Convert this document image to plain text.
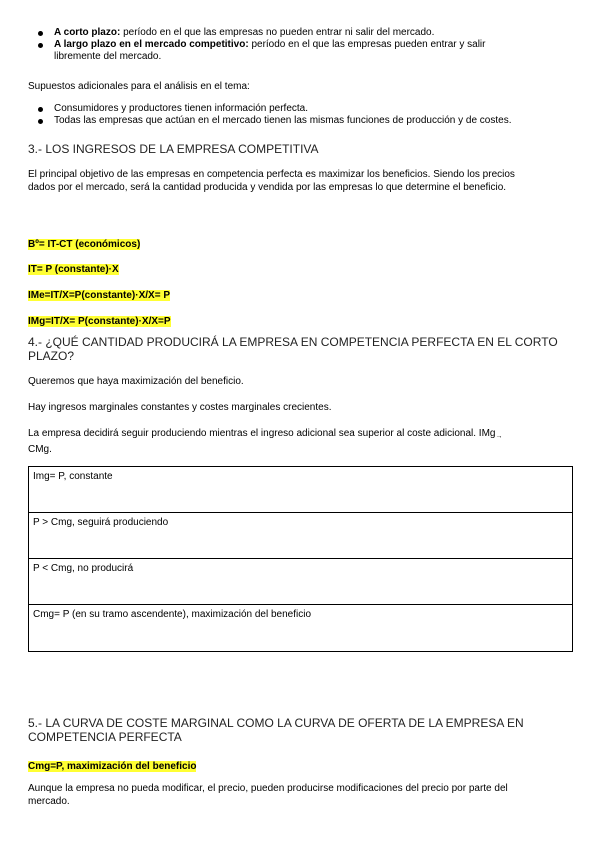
A corto plazo: período en el que las empresas no pueden entrar ni salir del mercado.
A largo plazo en el mercado competitivo: período en el que las empresas pueden entrar y salir
libremente del mercado.
Supuestos adicionales para el análisis en el tema:
Consumidores y productores tienen información perfecta.
Todas las empresas que actúan en el mercado tienen las mismas funciones de producción y de costes.
3.- LOS INGRESOS DE LA EMPRESA COMPETITIVA
El principal objetivo de las empresas en competencia perfecta es maximizar los beneficios. Siendo los precios
dados por el mercado, será la cantidad producida y vendida por las empresas lo que determine el beneficio.
Bº= IT-CT (económicos)
IT= P (constante)·X
IMe=IT/X=P(constante)·X/X= P
IMg=IT/X= P(constante)·X/X=P
4.- ¿QUÉ CANTIDAD PRODUCIRÁ LA EMPRESA EN COMPETENCIA PERFECTA EN EL CORTO
PLAZO?
Queremos que haya maximización del beneficio.
Hay ingresos marginales constantes y costes marginales crecientes.
La empresa decidirá seguir produciendo mientras el ingreso adicional sea superior al coste adicional. IMg$_\to$
CMg.
Img= P, constante
P > Cmg, seguirá produciendo
P < Cmg, no producirá
Cmg= P (en su tramo ascendente), maximización del beneficio
5.- LA CURVA DE COSTE MARGINAL COMO LA CURVA DE OFERTA DE LA EMPRESA EN
COMPETENCIA PERFECTA
Cmg=P, maximización del beneficio
Aunque la empresa no pueda modificar, el precio, pueden producirse modificaciones del precio por parte del
mercado.
